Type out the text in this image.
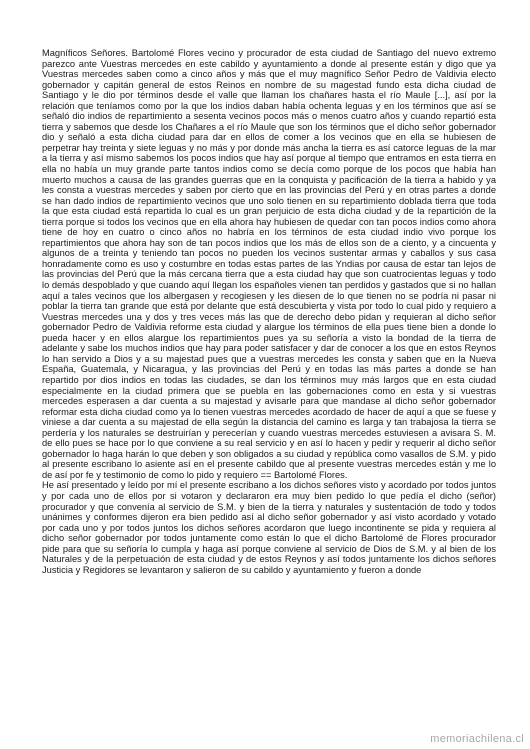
Magníficos Señores. Bartolomé Flores vecino y procurador de esta ciudad de Santiago del nuevo extremo parezco ante Vuestras mercedes en este cabildo y ayuntamiento a donde al presente están y digo que ya Vuestras mercedes saben como a cinco años y más que el muy magnífico Señor Pedro de Valdivia electo gobernador y capitán general de estos Reinos en nombre de su magestad fundo esta dicha ciudad de Santiago y le dio por términos desde el valle que llaman los chañares hasta el río Maule [...], así por la relación que teníamos como por la que los indios daban había ochenta leguas y en los términos que así se señaló dio indios de repartimiento a sesenta vecinos pocos más o menos cuatro años y cuando repartió esta tierra y sabemos que desde los Chañares a el río Maule que son los términos que el dicho señor gobernador dio y señaló a esta dicha ciudad para dar en ellos de comer a los vecinos que en ella se hubiesen de perpetrar hay treinta y siete leguas y no más y por donde más ancha la tierra es así catorce leguas de la mar a la tierra y así mismo sabemos los pocos indios que hay así porque al tiempo que entramos en esta tierra en ella no había un muy grande parte tantos indios como se decía como porque de los pocos que había han muerto muchos a causa de las grandes guerras que en la conquista y pacificación de la tierra a habido y ya les consta a vuestras mercedes y saben por cierto que en las provincias del Perú y en otras partes a donde se han dado indios de repartimiento vecinos que uno solo tienen en su repartimiento doblada tierra que toda la que esta ciudad está repartida lo cual es un gran perjuicio de esta dicha ciudad y de la repartición de la tierra porque si todos los vecinos que en ella ahora hay hubiesen de quedar con tan pocos indios como ahora tiene de hoy en cuatro o cinco años no habría en los términos de esta ciudad indio vivo porque los repartimientos que ahora hay son de tan pocos indios que los más de ellos son de a ciento, y a cincuenta y algunos de a treinta y teniendo tan pocos no pueden los vecinos sustentar armas y caballos y sus casa honradamente como es uso y costumbre en todas estas partes de las Yndias por causa de estar tan lejos de las provincias del Perú que la más cercana tierra que a esta ciudad hay que son cuatrocientas leguas y todo lo demás despoblado y que cuando aquí llegan los españoles vienen tan perdidos y gastados que si no hallan aquí a tales vecinos que los albergasen y recogiesen y les diesen de lo que tienen no se podría ni pasar ni poblar la tierra tan grande que está por delante que está descubierta y vista por todo lo cual pido y requiero a Vuestras mercedes una y dos y tres veces más las que de derecho debo pidan y requieran al dicho señor gobernador Pedro de Valdivia reforme esta ciudad y alargue los términos de ella pues tiene bien a donde lo pueda hacer y en ellos alargue los repartimientos pues ya su señoría a visto la bondad de la tierra de adelante y sabe los muchos indios que hay para poder satisfacer y dar de conocer a los que en estos Reynos lo han servido a Dios y a su majestad pues que a vuestras mercedes les consta y saben que en la Nueva España, Guatemala, y Nicaragua, y las provincias del Perú y en todas las más partes a donde se han repartido por dios indios en todas las ciudades, se dan los términos muy más largos que en esta ciudad especialmente en la ciudad primera que se puebla en las gobernaciones como en esta y si vuestras mercedes esperasen a dar cuenta a su majestad y avisarle para que mandase al dicho señor gobernador reformar esta dicha ciudad como ya lo tienen vuestras mercedes acordado de hacer de aquí a que se fuese y viniese a dar cuenta a su majestad de ella según la distancia del camino es larga y tan trabajosa la tierra se perdería y los naturales se destruirían y perecerían y cuando vuestras mercedes estuviesen a avisara S. M. de ello pues se hace por lo que conviene a su real servicio y en así lo hacen y pedir y requerir al dicho señor gobernador lo haga harán lo que deben y son obligados a su ciudad y república como vasallos de S.M. y pido al presente escribano lo asiente así en el presente cabildo que al presente vuestras mercedes están y me lo de así por fe y testimonio de como lo pido y requiero == Bartolomé Flores.

He así presentado y leído por mí el presente escribano a los dichos señores visto y acordado por todos juntos y por cada uno de ellos por si votaron y declararon era muy bien pedido lo que pedía el dicho (señor) procurador y que convenía al servicio de S.M. y bien de la tierra y naturales y sustentación de todo y todos unánimes y conformes dijeron era bien pedido así al dicho señor gobernador y así visto acordado y votado por cada uno y por todos juntos los dichos señores acordaron que luego incontinente se pida y requiera al dicho señor gobernador por todos juntamente como están lo que el dicho Bartolomé de Flores procurador pide para que su señoría lo cumpla y haga así porque conviene al servicio de Dios de S.M. y al bien de los Naturales y de la perpetuación de esta ciudad y de estos Reynos y así todos juntamente los dichos señores Justicia y Regidores se levantaron y salieron de su cabildo y ayuntamiento y fueron a donde

memoriachilena.cl
